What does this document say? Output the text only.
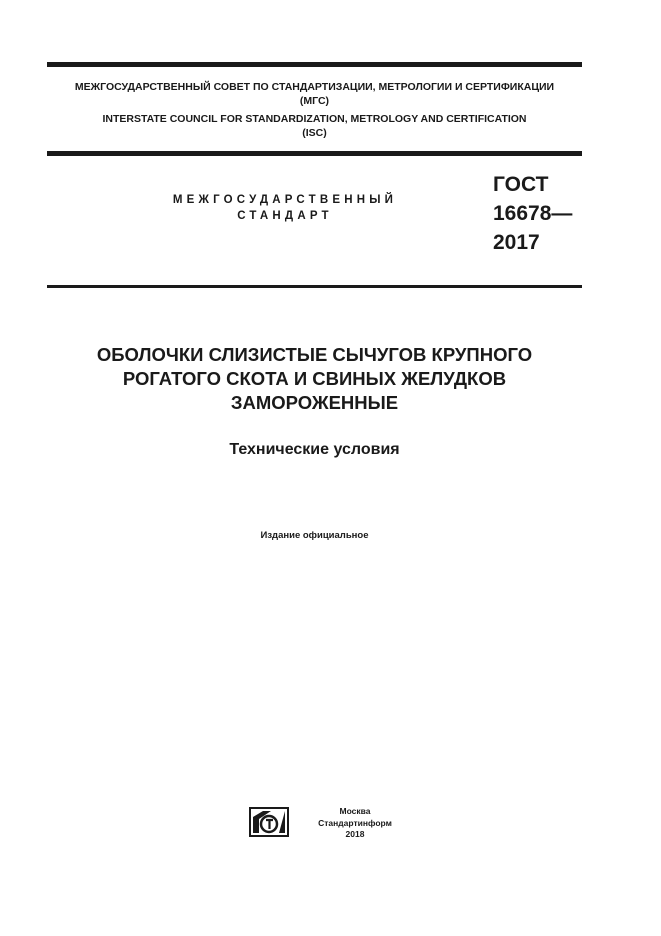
МЕЖГОСУДАРСТВЕННЫЙ СОВЕТ ПО СТАНДАРТИЗАЦИИ, МЕТРОЛОГИИ И СЕРТИФИКАЦИИ
(МГС)
INTERSTATE COUNCIL FOR STANDARDIZATION, METROLOGY AND CERTIFICATION
(ISC)
МЕЖГОСУДАРСТВЕННЫЙ
СТАНДАРТ
ГОСТ
16678—
2017
ОБОЛОЧКИ СЛИЗИСТЫЕ СЫЧУГОВ КРУПНОГО
РОГАТОГО СКОТА И СВИНЫХ ЖЕЛУДКОВ
ЗАМОРОЖЕННЫЕ
Технические условия
Издание официальное
Москва
Стандартинформ
2018
